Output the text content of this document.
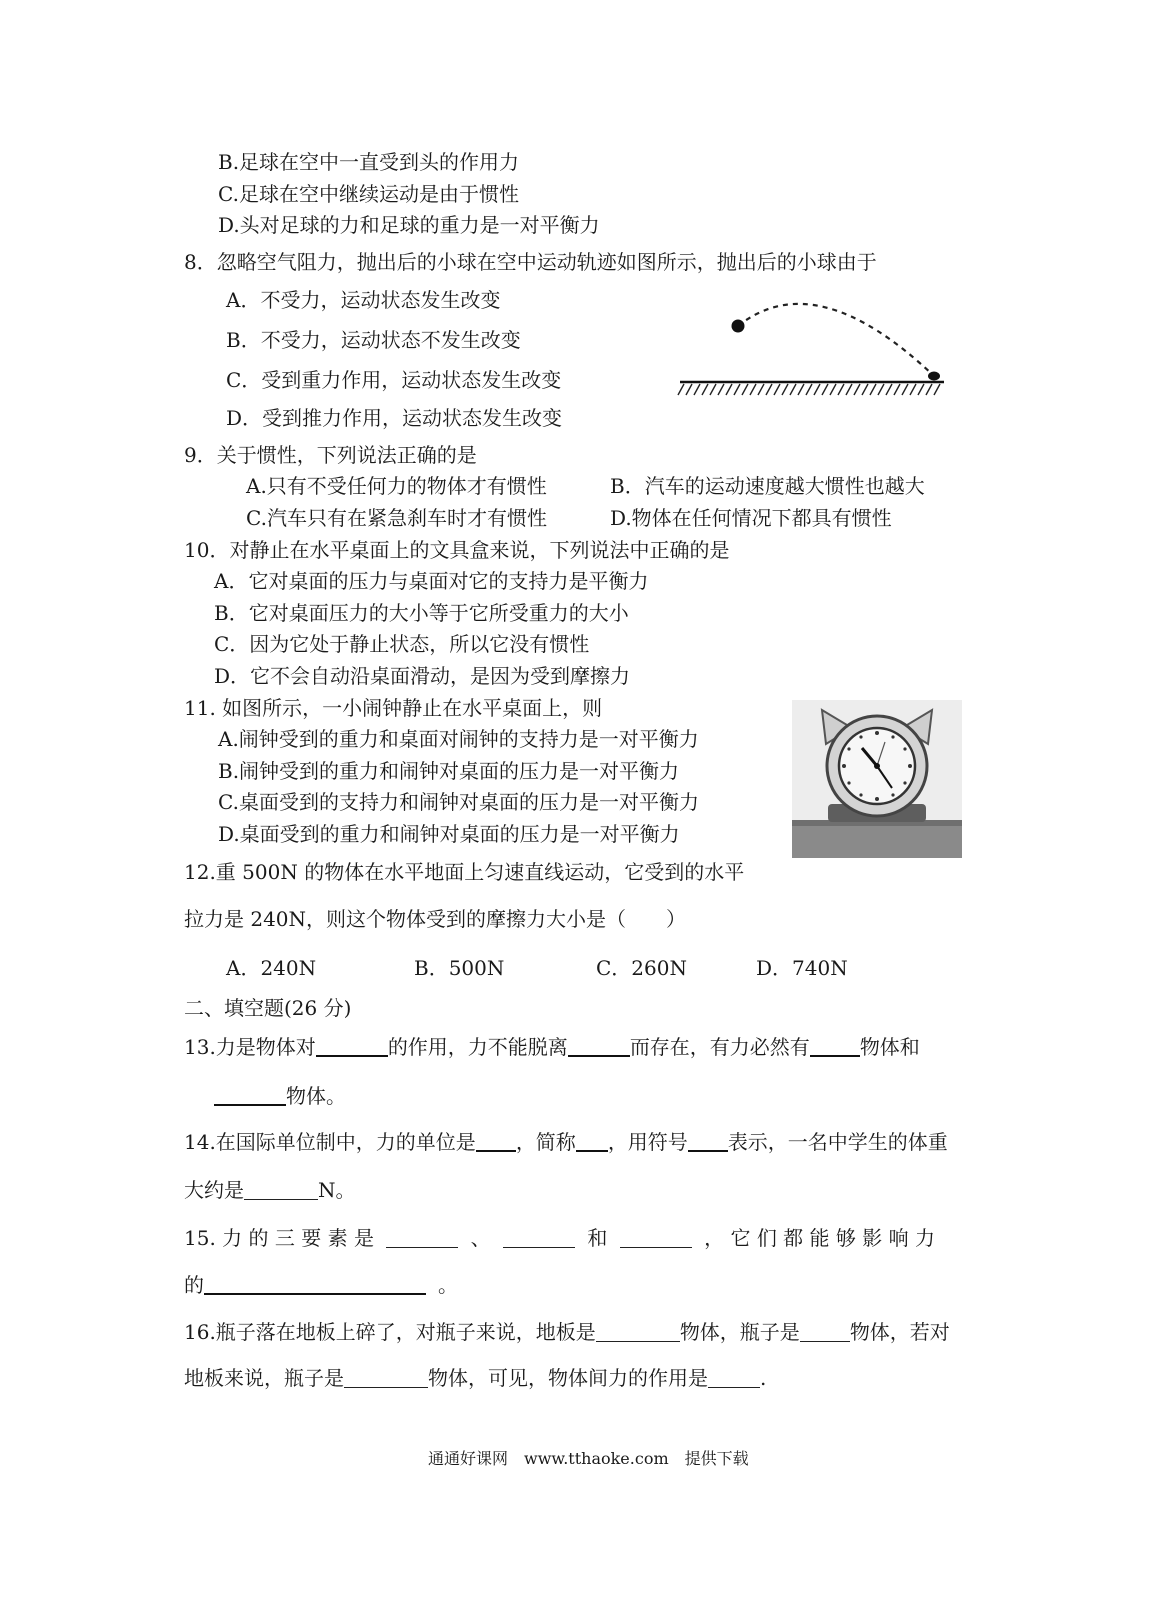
B.足球在空中一直受到头的作用力
C.足球在空中继续运动是由于惯性
D.头对足球的力和足球的重力是一对平衡力
8．忽略空气阻力，抛出后的小球在空中运动轨迹如图所示，抛出后的小球由于
A．不受力，运动状态发生改变
B．不受力，运动状态不发生改变
C．受到重力作用，运动状态发生改变
D．受到推力作用，运动状态发生改变
9．关于惯性，下列说法正确的是
A.只有不受任何力的物体才有惯性	B．汽车的运动速度越大惯性也越大
C.汽车只有在紧急刹车时才有惯性	D.物体在任何情况下都具有惯性
10．对静止在水平桌面上的文具盒来说，下列说法中正确的是
A．它对桌面的压力与桌面对它的支持力是平衡力
B．它对桌面压力的大小等于它所受重力的大小
C．因为它处于静止状态，所以它没有惯性
D．它不会自动沿桌面滑动，是因为受到摩擦力
11. 如图所示，一小闹钟静止在水平桌面上，则
A.闹钟受到的重力和桌面对闹钟的支持力是一对平衡力
B.闹钟受到的重力和闹钟对桌面的压力是一对平衡力
C.桌面受到的支持力和闹钟对桌面的压力是一对平衡力
D.桌面受到的重力和闹钟对桌面的压力是一对平衡力
12.重 500N 的物体在水平地面上匀速直线运动，它受到的水平
拉力是 240N，则这个物体受到的摩擦力大小是（　　）
A．240N	B．500N	C．260N	D．740N
二、填空题(26 分)
13.力是物体对	的作用，力不能脱离	而存在，有力必然有	物体和
物体。
14.在国际单位制中，力的单位是 ，简称 ，用符号 表示，一名中学生的体重
大约是	N。
15. 力 的 三 要 素 是	、	和	， 它 们 都 能 够 影 响 力
的	。
16.瓶子落在地板上碎了，对瓶子来说，地板是	物体，瓶子是	物体，若对
地板来说，瓶子是	物体，可见，物体间力的作用是	.
通通好课网　www.tthaoke.com　提供下载
